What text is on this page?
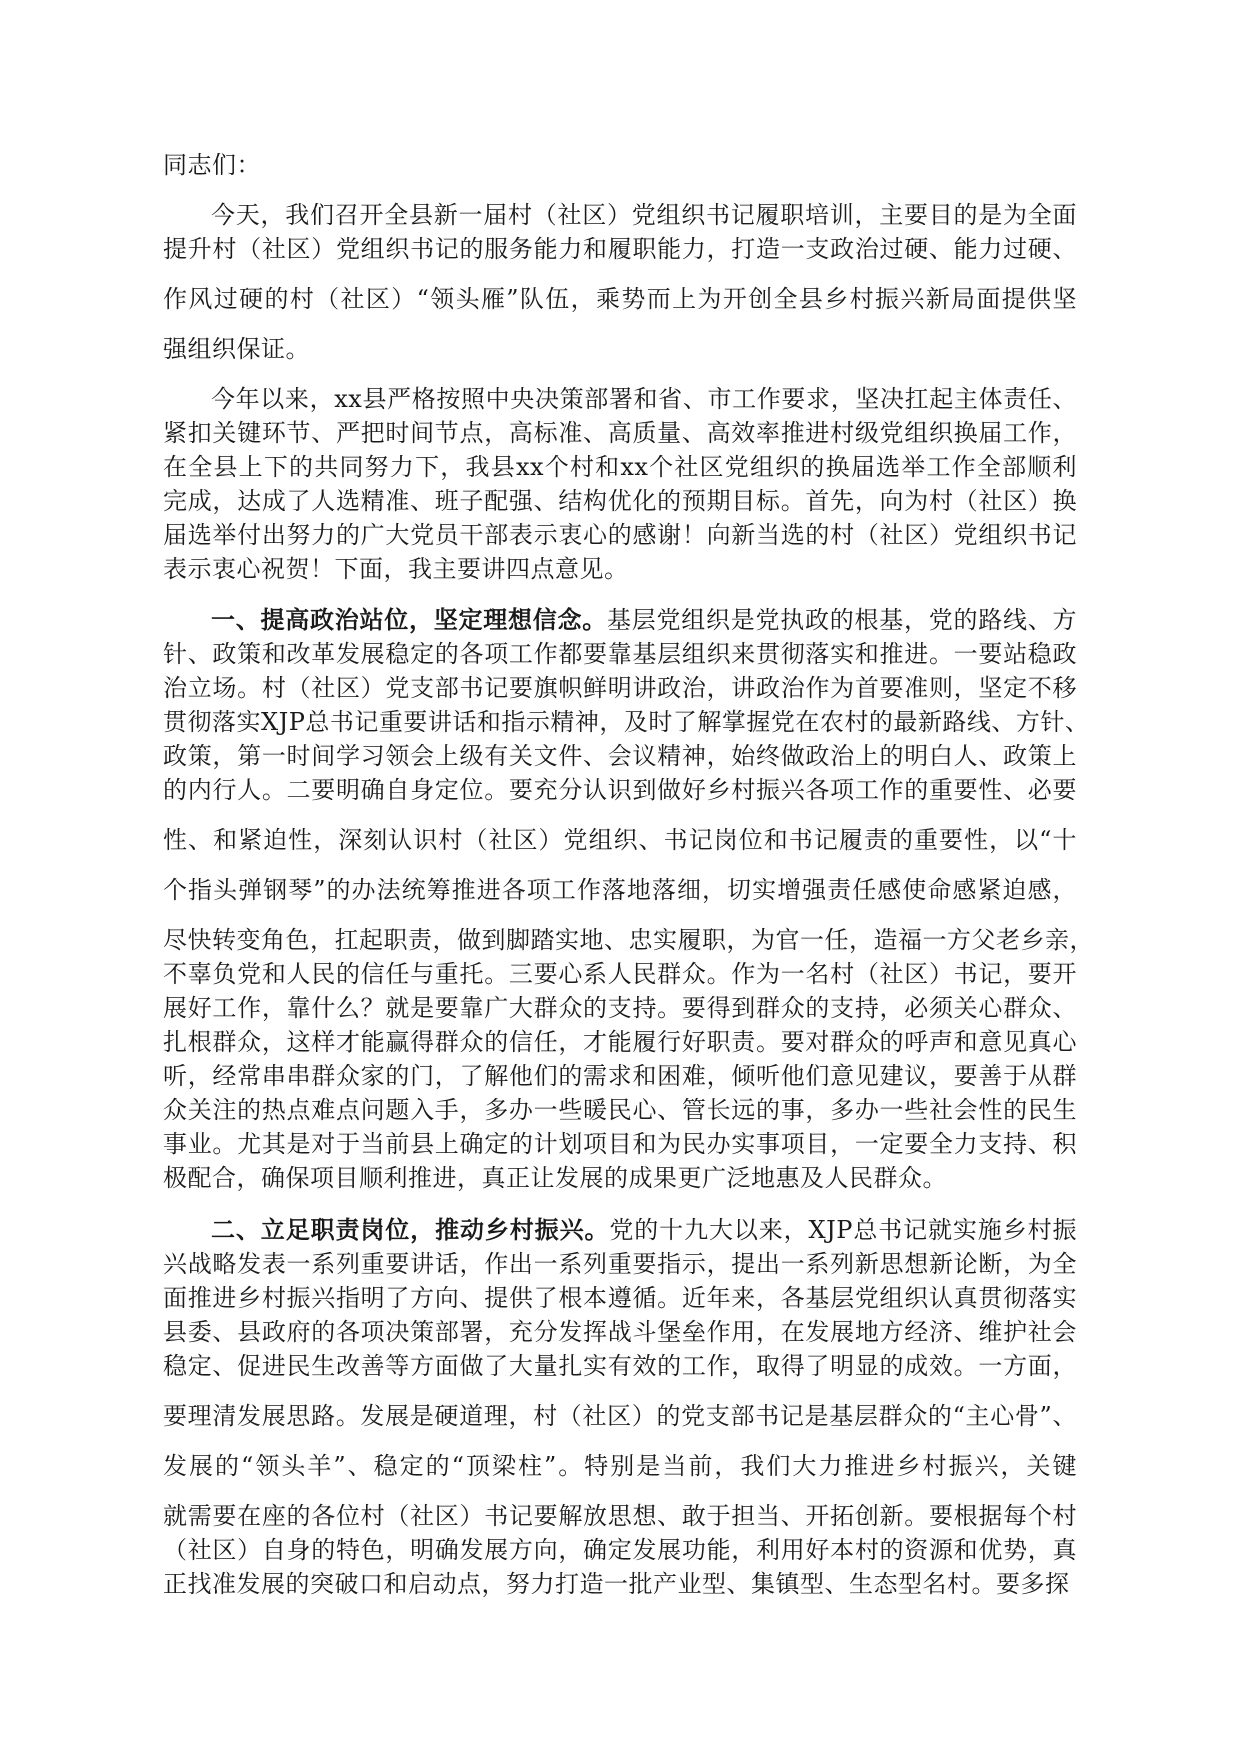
同志们：
今天，我们召开全县新一届村（社区）党组织书记履职培训，主要目的是为全面
提升村（社区）党组织书记的服务能力和履职能力，打造一支政治过硬、能力过硬、
作风过硬的村（社区）“领头雁”队伍，乘势而上为开创全县乡村振兴新局面提供坚
强组织保证。
今年以来，xx县严格按照中央决策部署和省、市工作要求，坚决扛起主体责任、
紧扣关键环节、严把时间节点，高标准、高质量、高效率推进村级党组织换届工作，
在全县上下的共同努力下，我县xx个村和xx个社区党组织的换届选举工作全部顺利
完成，达成了人选精准、班子配强、结构优化的预期目标。首先，向为村（社区）换
届选举付出努力的广大党员干部表示衷心的感谢！向新当选的村（社区）党组织书记
表示衷心祝贺！下面，我主要讲四点意见。
一、提高政治站位，坚定理想信念。基层党组织是党执政的根基，党的路线、方
针、政策和改革发展稳定的各项工作都要靠基层组织来贯彻落实和推进。一要站稳政
治立场。村（社区）党支部书记要旗帜鲜明讲政治，讲政治作为首要准则，坚定不移
贯彻落实XJP总书记重要讲话和指示精神，及时了解掌握党在农村的最新路线、方针、
政策，第一时间学习领会上级有关文件、会议精神，始终做政治上的明白人、政策上
的内行人。二要明确自身定位。要充分认识到做好乡村振兴各项工作的重要性、必要
性、和紧迫性，深刻认识村（社区）党组织、书记岗位和书记履责的重要性，以“十
个指头弹钢琴”的办法统筹推进各项工作落地落细，切实增强责任感使命感紧迫感，
尽快转变角色，扛起职责，做到脚踏实地、忠实履职，为官一任，造福一方父老乡亲，
不辜负党和人民的信任与重托。三要心系人民群众。作为一名村（社区）书记，要开
展好工作，靠什么？就是要靠广大群众的支持。要得到群众的支持，必须关心群众、
扎根群众，这样才能赢得群众的信任，才能履行好职责。要对群众的呼声和意见真心
听，经常串串群众家的门，了解他们的需求和困难，倾听他们意见建议，要善于从群
众关注的热点难点问题入手，多办一些暖民心、管长远的事，多办一些社会性的民生
事业。尤其是对于当前县上确定的计划项目和为民办实事项目，一定要全力支持、积
极配合，确保项目顺利推进，真正让发展的成果更广泛地惠及人民群众。
二、立足职责岗位，推动乡村振兴。党的十九大以来，XJP总书记就实施乡村振
兴战略发表一系列重要讲话，作出一系列重要指示，提出一系列新思想新论断，为全
面推进乡村振兴指明了方向、提供了根本遵循。近年来，各基层党组织认真贯彻落实
县委、县政府的各项决策部署，充分发挥战斗堡垒作用，在发展地方经济、维护社会
稳定、促进民生改善等方面做了大量扎实有效的工作，取得了明显的成效。一方面，
要理清发展思路。发展是硬道理，村（社区）的党支部书记是基层群众的“主心骨”、
发展的“领头羊”、稳定的“顶梁柱”。特别是当前，我们大力推进乡村振兴，关键
就需要在座的各位村（社区）书记要解放思想、敢于担当、开拓创新。要根据每个村
（社区）自身的特色，明确发展方向，确定发展功能，利用好本村的资源和优势，真
正找准发展的突破口和启动点，努力打造一批产业型、集镇型、生态型名村。要多探
